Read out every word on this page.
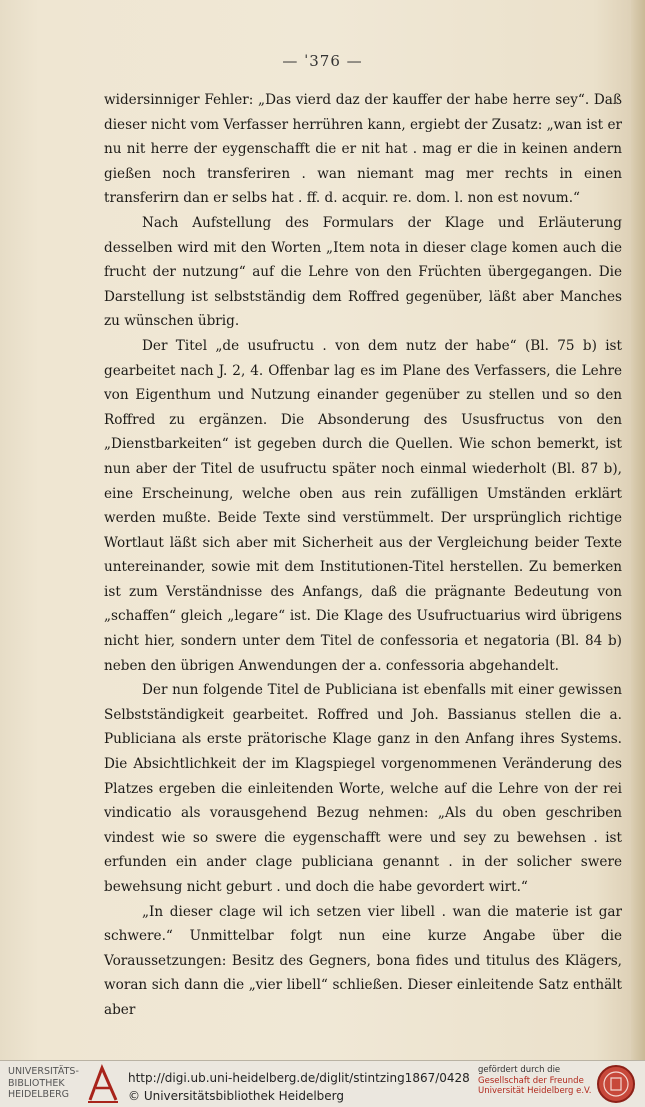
— ˈ376 —

widersinniger Fehler: „Das vierd daz der kauffer der habe herre sey“. Daß dieser nicht vom Verfasser herrühren kann, ergiebt der Zusatz: „wan ist er nu nit herre der eygenschafft die er nit hat . mag er die in keinen andern gießen noch transferiren . wan niemant mag mer rechts in einen transferirn dan er selbs hat . ff. d. acquir. re. dom. l. non est novum.“

Nach Aufstellung des Formulars der Klage und Erläuterung desselben wird mit den Worten „Item nota in dieser clage komen auch die frucht der nutzung“ auf die Lehre von den Früchten übergegangen. Die Darstellung ist selbstständig dem Roffred gegenüber, läßt aber Manches zu wünschen übrig.

Der Titel „de usufructu . von dem nutz der habe“ (Bl. 75 b) ist gearbeitet nach J. 2, 4. Offenbar lag es im Plane des Verfassers, die Lehre von Eigenthum und Nutzung einander gegenüber zu stellen und so den Roffred zu ergänzen. Die Absonderung des Ususfructus von den „Dienstbarkeiten“ ist gegeben durch die Quellen. Wie schon bemerkt, ist nun aber der Titel de usufructu später noch einmal wiederholt (Bl. 87 b), eine Erscheinung, welche oben aus rein zufälligen Umständen erklärt werden mußte. Beide Texte sind verstümmelt. Der ursprünglich richtige Wortlaut läßt sich aber mit Sicherheit aus der Vergleichung beider Texte untereinander, sowie mit dem Institutionen-Titel herstellen. Zu bemerken ist zum Verständnisse des Anfangs, daß die prägnante Bedeutung von „schaffen“ gleich „legare“ ist. Die Klage des Usufructuarius wird übrigens nicht hier, sondern unter dem Titel de confessoria et negatoria (Bl. 84 b) neben den übrigen Anwendungen der a. confessoria abgehandelt.

Der nun folgende Titel de Publiciana ist ebenfalls mit einer gewissen Selbstständigkeit gearbeitet. Roffred und Joh. Bassianus stellen die a. Publiciana als erste prätorische Klage ganz in den Anfang ihres Systems. Die Absichtlichkeit der im Klagspiegel vorgenommenen Veränderung des Platzes ergeben die einleitenden Worte, welche auf die Lehre von der rei vindicatio als vorausgehend Bezug nehmen: „Als du oben geschriben vindest wie so swere die eygenschafft were und sey zu bewehsen . ist erfunden ein ander clage publiciana genannt . in der solicher swere bewehsung nicht geburt . und doch die habe gevordert wirt.“

„In dieser clage wil ich setzen vier libell . wan die materie ist gar schwere.“ Unmittelbar folgt nun eine kurze Angabe über die Voraussetzungen: Besitz des Gegners, bona fides und titulus des Klägers, woran sich dann die „vier libell“ schließen. Dieser einleitende Satz enthält aber

UNIVERSITÄTS-
BIBLIOTHEK
HEIDELBERG
http://digi.ub.uni-heidelberg.de/diglit/stintzing1867/0428
© Universitätsbibliothek Heidelberg
gefördert durch die
Gesellschaft der Freunde
Universität Heidelberg e.V.
